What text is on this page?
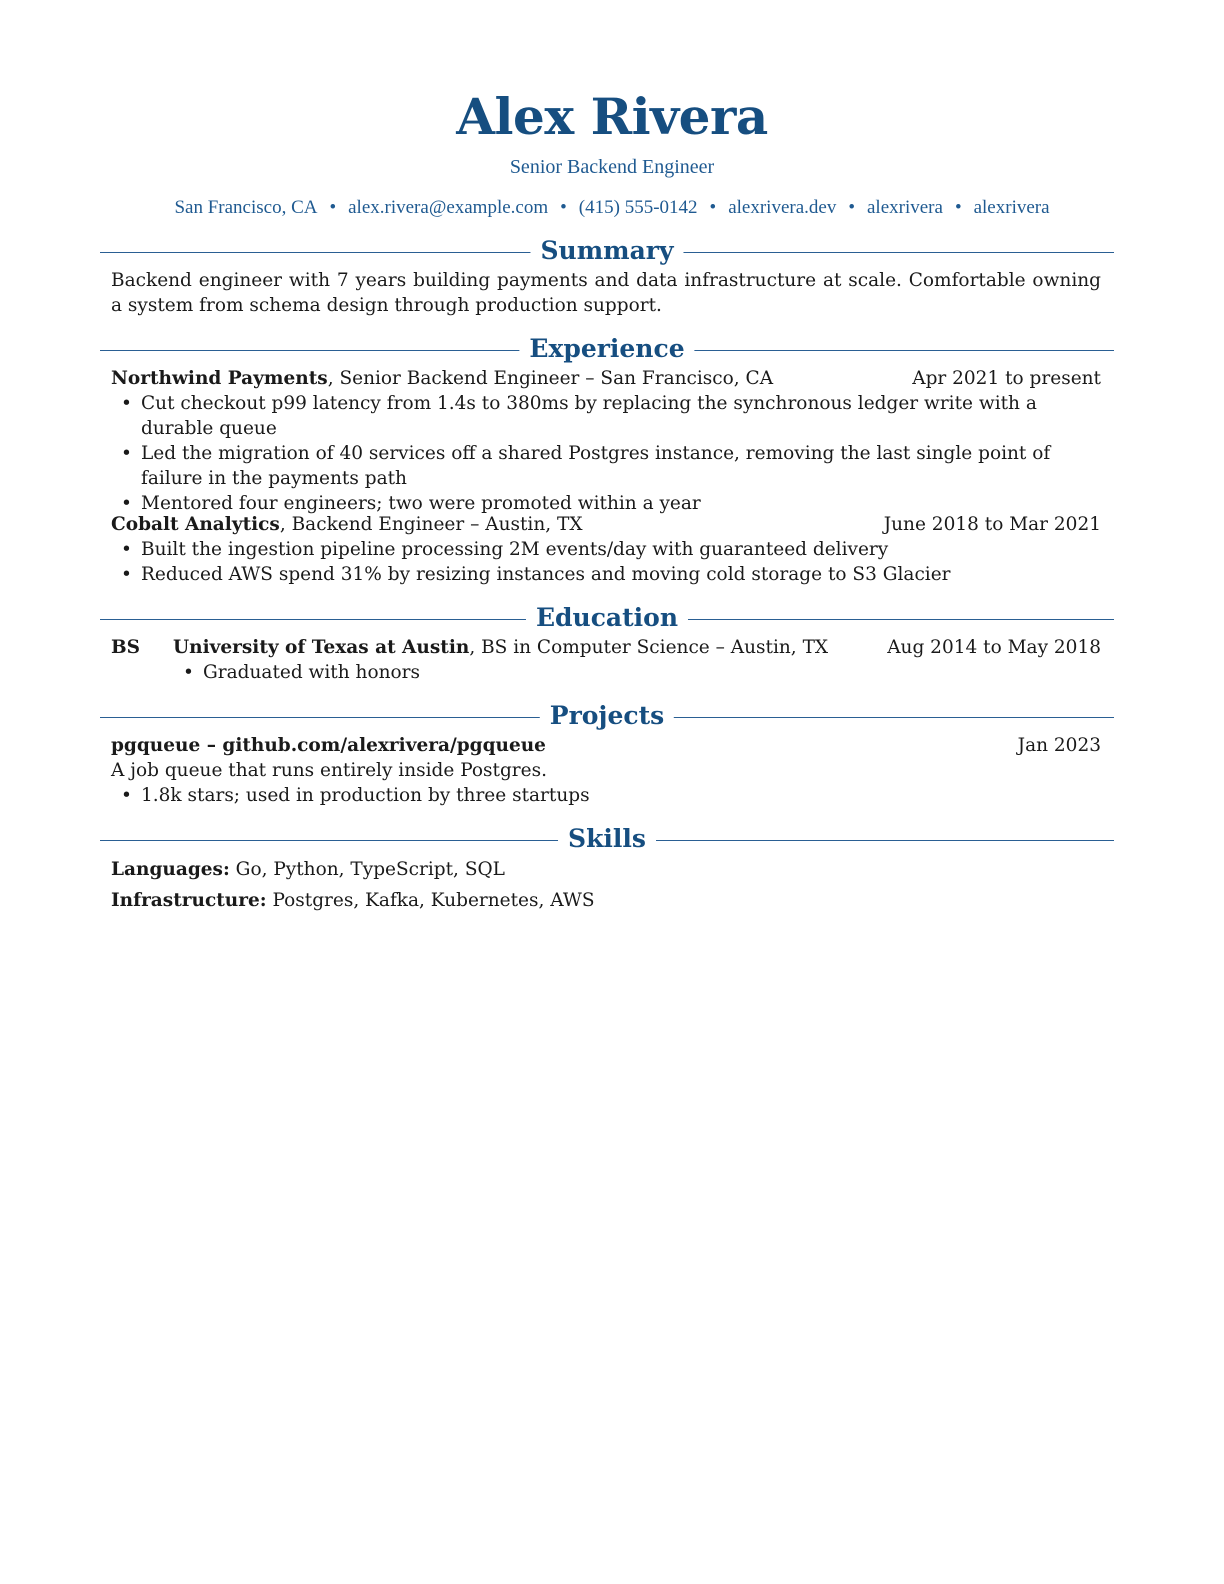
Alex Rivera
Senior Backend Engineer
San Francisco, CA • alex.rivera@example.com • (415) 555-0142 • alexrivera.dev • alexrivera • alexrivera
Summary
Backend engineer with 7 years building payments and data infrastructure at scale. Comfortable owning a system from schema design through production support.
Experience
Northwind Payments, Senior Backend Engineer – San Francisco, CA	Apr 2021 to present
• Cut checkout p99 latency from 1.4s to 380ms by replacing the synchronous ledger write with a durable queue
• Led the migration of 40 services off a shared Postgres instance, removing the last single point of failure in the payments path
• Mentored four engineers; two were promoted within a year
Cobalt Analytics, Backend Engineer – Austin, TX	June 2018 to Mar 2021
• Built the ingestion pipeline processing 2M events/day with guaranteed delivery
• Reduced AWS spend 31% by resizing instances and moving cold storage to S3 Glacier
Education
BS University of Texas at Austin, BS in Computer Science – Austin, TX	Aug 2014 to May 2018
• Graduated with honors
Projects
pgqueue – github.com/alexrivera/pgqueue	Jan 2023
A job queue that runs entirely inside Postgres.
• 1.8k stars; used in production by three startups
Skills
Languages: Go, Python, TypeScript, SQL
Infrastructure: Postgres, Kafka, Kubernetes, AWS
